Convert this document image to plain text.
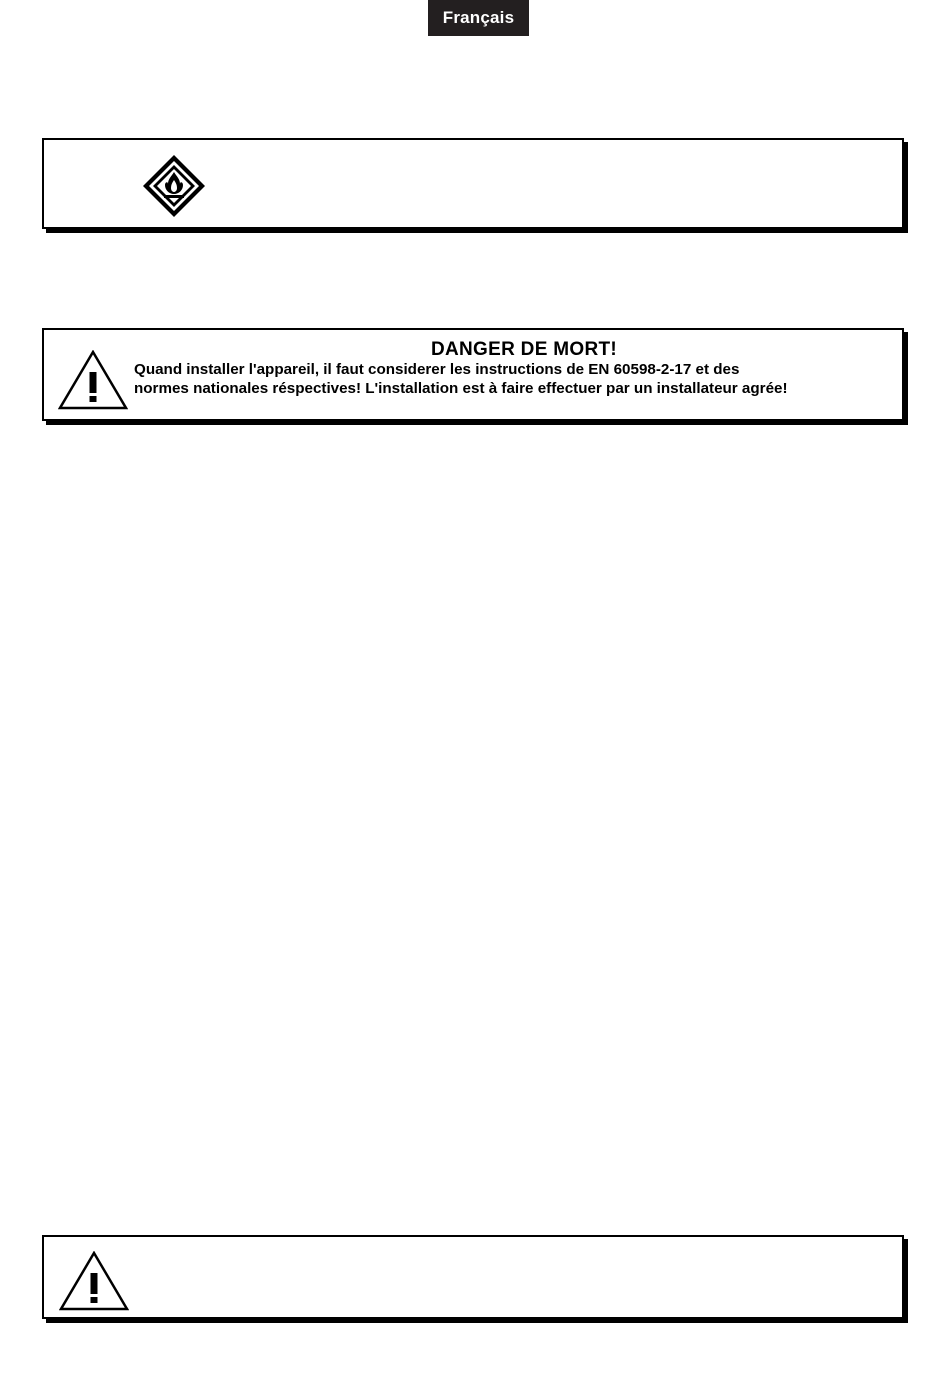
Français
DANGER DE MORT!
Quand installer l'appareil, il faut considerer les instructions de EN 60598-2-17 et des
normes nationales réspectives! L'installation est à faire effectuer par un installateur agrée!
